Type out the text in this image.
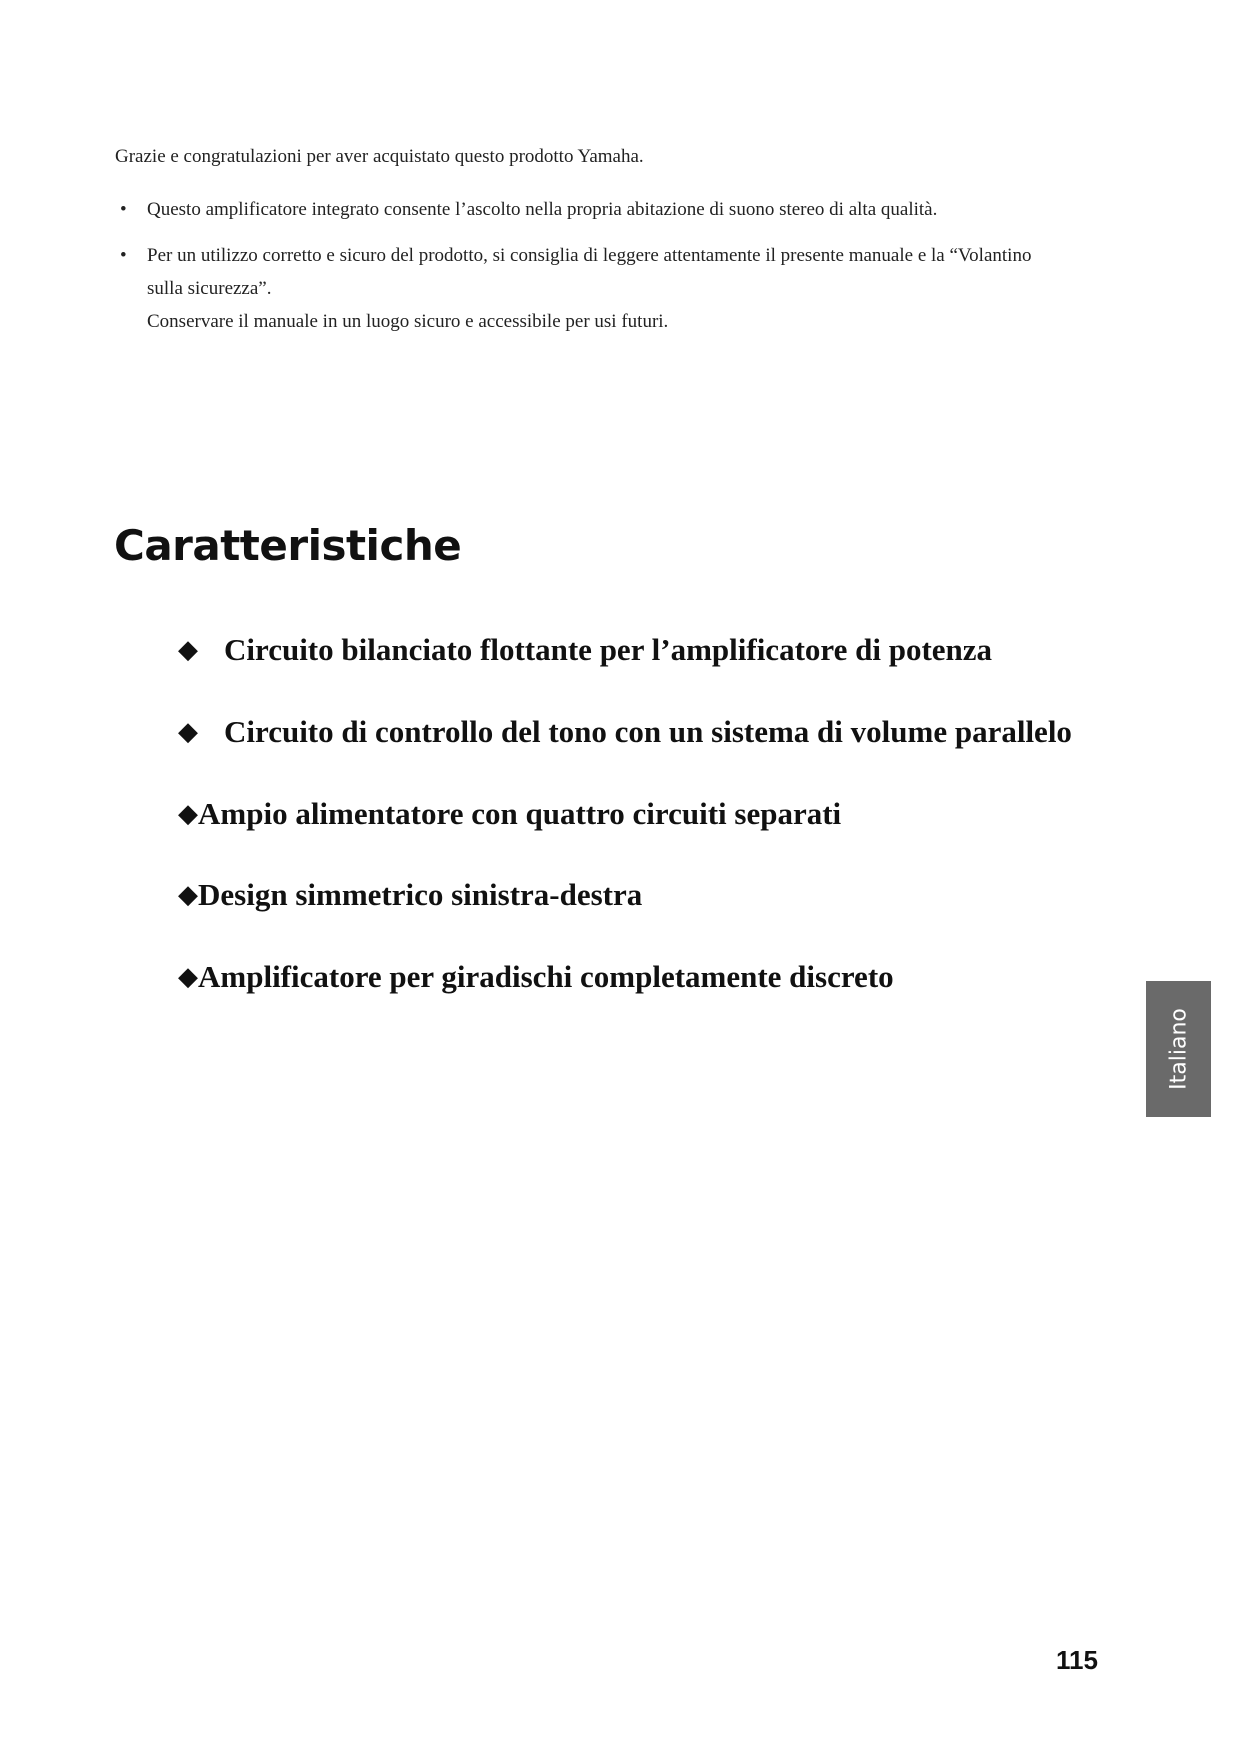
Grazie e congratulazioni per aver acquistato questo prodotto Yamaha.
•	Questo amplificatore integrato consente l’ascolto nella propria abitazione di suono stereo di alta qualità.
•	Per un utilizzo corretto e sicuro del prodotto, si consiglia di leggere attentamente il presente manuale e la “Volantino
sulla sicurezza”.
Conservare il manuale in un luogo sicuro e accessibile per usi futuri.
Caratteristiche
◆ Circuito bilanciato flottante per l’amplificatore di potenza
◆ Circuito di controllo del tono con un sistema di volume parallelo
◆Ampio alimentatore con quattro circuiti separati
◆Design simmetrico sinistra-destra
◆Amplificatore per giradischi completamente discreto
Italiano
115
